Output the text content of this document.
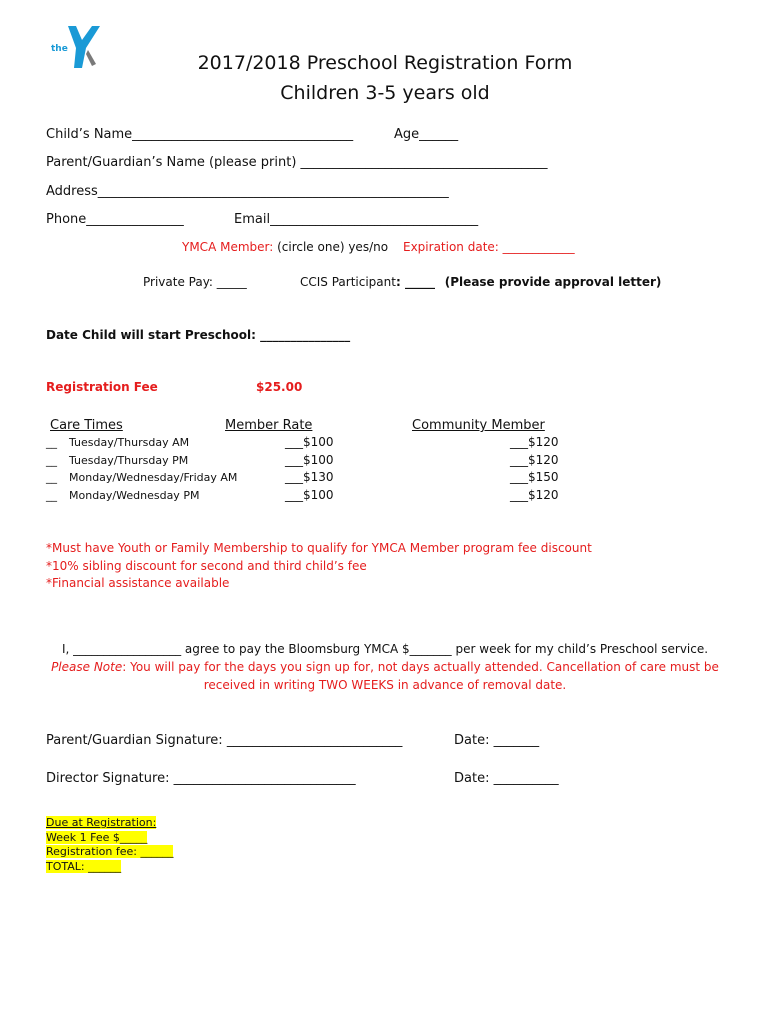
the
2017/2018 Preschool Registration Form
Children 3-5 years old
Child’s Name__________________________________	Age______
Parent/Guardian’s Name (please print) ______________________________________
Address______________________________________________________
Phone_______________	Email________________________________
YMCA Member: (circle one) yes/no Expiration date: ____________
Private Pay: _____	CCIS Participant: _____ (Please provide approval letter)
Date Child will start Preschool: _______________
Registration Fee	$25.00
Care Times	Member Rate	Community Member
__ Tuesday/Thursday AM	___$100	___$120
__ Tuesday/Thursday PM	___$100	___$120
__ Monday/Wednesday/Friday AM	___$130	___$150
__ Monday/Wednesday PM	___$100	___$120
*Must have Youth or Family Membership to qualify for YMCA Member program fee discount
*10% sibling discount for second and third child’s fee
*Financial assistance available
I, __________________ agree to pay the Bloomsburg YMCA $_______ per week for my child’s Preschool service.
Please Note: You will pay for the days you sign up for, not days actually attended. Cancellation of care must be
received in writing TWO WEEKS in advance of removal date.
Parent/Guardian Signature: ___________________________	Date: _______
Director Signature: ____________________________	Date: __________
Due at Registration:
Week 1 Fee $_____
Registration fee: ______
TOTAL: ______
